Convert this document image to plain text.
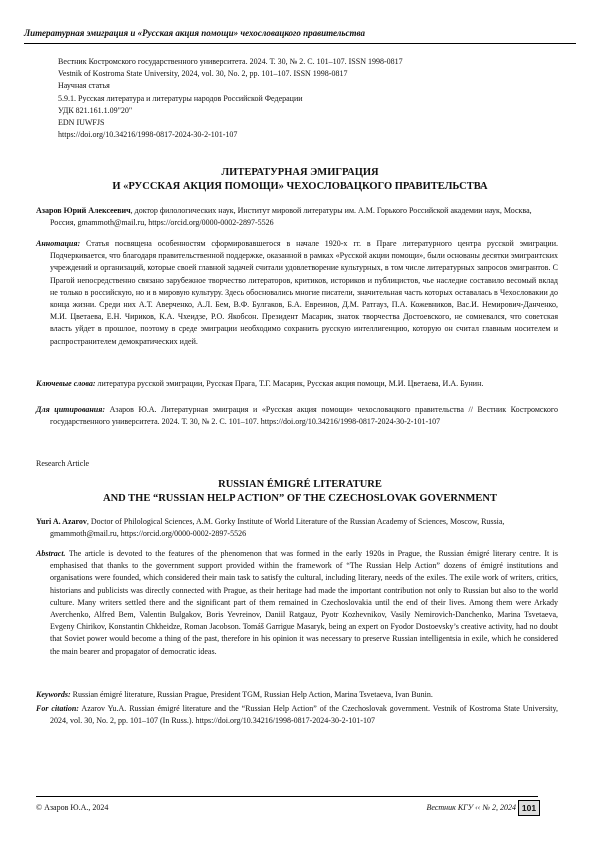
Литературная эмиграция и «Русская акция помощи» чехословацкого правительства
Вестник Костромского государственного университета. 2024. Т. 30, № 2. С. 101–107. ISSN 1998-0817
Vestnik of Kostroma State University, 2024, vol. 30, No. 2, pp. 101–107. ISSN 1998-0817
Научная статья
5.9.1. Русская литература и литературы народов Российской Федерации
УДК 821.161.1.09"20"
EDN IUWFJS
https://doi.org/10.34216/1998-0817-2024-30-2-101-107
ЛИТЕРАТУРНАЯ ЭМИГРАЦИЯ
И «РУССКАЯ АКЦИЯ ПОМОЩИ» ЧЕХОСЛОВАЦКОГО ПРАВИТЕЛЬСТВА
Азаров Юрий Алексеевич, доктор филологических наук, Институт мировой литературы им. А.М. Горького Российской академии наук, Москва, Россия, gmammoth@mail.ru, https://orcid.org/0000-0002-2897-5526
Аннотация: Статья посвящена особенностям сформировавшегося в начале 1920-х гг. в Праге литературного центра русской эмиграции. Подчеркивается, что благодаря правительственной поддержке, оказанной в рамках «Русской акции помощи», были основаны десятки эмигрантских учреждений и организаций, которые своей главной задачей считали удовлетворение культурных, в том числе литературных запросов эмигрантов. С Прагой непосредственно связано зарубежное творчество литераторов, критиков, историков и публицистов, чье наследие составило весомый вклад не только в российскую, но и в мировую культуру. Здесь обосновались многие писатели, значительная часть которых оставалась в Чехословакии до конца жизни. Среди них А.Т. Аверченко, А.Л. Бем, В.Ф. Булгаков, Б.А. Евреинов, Д.М. Ратгауз, П.А. Кожевников, Вас.И. Немирович-Данченко, М.И. Цветаева, Е.Н. Чириков, К.А. Чхеидзе, Р.О. Якобсон. Президент Масарик, знаток творчества Достоевского, не сомневался, что советская власть уйдет в прошлое, поэтому в среде эмиграции необходимо сохранить русскую интеллигенцию, которую он считал главным носителем и распространителем демократических идей.
Ключевые слова: литература русской эмиграции, Русская Прага, Т.Г. Масарик, Русская акция помощи, М.И. Цветаева, И.А. Бунин.
Для цитирования: Азаров Ю.А. Литературная эмиграция и «Русская акция помощи» чехословацкого правительства // Вестник Костромского государственного университета. 2024. Т. 30, № 2. С. 101–107. https://doi.org/10.34216/1998-0817-2024-30-2-101-107
Research Article
RUSSIAN ÉMIGRÉ LITERATURE
AND THE “RUSSIAN HELP ACTION” OF THE CZECHOSLOVAK GOVERNMENT
Yuri A. Azarov, Doctor of Philological Sciences, A.M. Gorky Institute of World Literature of the Russian Academy of Sciences, Moscow, Russia, gmammoth@mail.ru, https://orcid.org/0000-0002-2897-5526
Abstract. The article is devoted to the features of the phenomenon that was formed in the early 1920s in Prague, the Russian émigré literary centre. It is emphasised that thanks to the government support provided within the framework of “The Russian Help Action” dozens of émigré institutions and organisations were founded, which considered their main task to satisfy the cultural, including literary, needs of the exiles. The exile work of writers, critics, historians and publicists was directly connected with Prague, as their heritage had made the important contribution not only to Russian but also to the world culture. Many writers settled there and the significant part of them remained in Czechoslovakia until the end of their lives. Among them were Arkady Averchenko, Alfred Bem, Valentin Bulgakov, Boris Yevreinov, Daniil Ratgauz, Pyotr Kozhevnikov, Vasily Nemirovich-Danchenko, Marina Tsvetaeva, Evgeny Chirikov, Konstantin Chkheidze, Roman Jacobson. Tomáš Garrigue Masaryk, being an expert on Fyodor Dostoevsky’s creative activity, had no doubt that Soviet power would become a thing of the past, therefore in his opinion it was necessary to preserve Russian intelligentsia in exile, which he considered the main bearer and propagator of democratic ideas.
Keywords: Russian émigré literature, Russian Prague, President TGM, Russian Help Action, Marina Tsvetaeva, Ivan Bunin.
For citation: Azarov Yu.A. Russian émigré literature and the “Russian Help Action” of the Czechoslovak government. Vestnik of Kostroma State University, 2024, vol. 30, No. 2, pp. 101–107 (In Russ.). https://doi.org/10.34216/1998-0817-2024-30-2-101-107
© Азаров Ю.А., 2024	Вестник КГУ ‹‹ № 2, 2024 101
